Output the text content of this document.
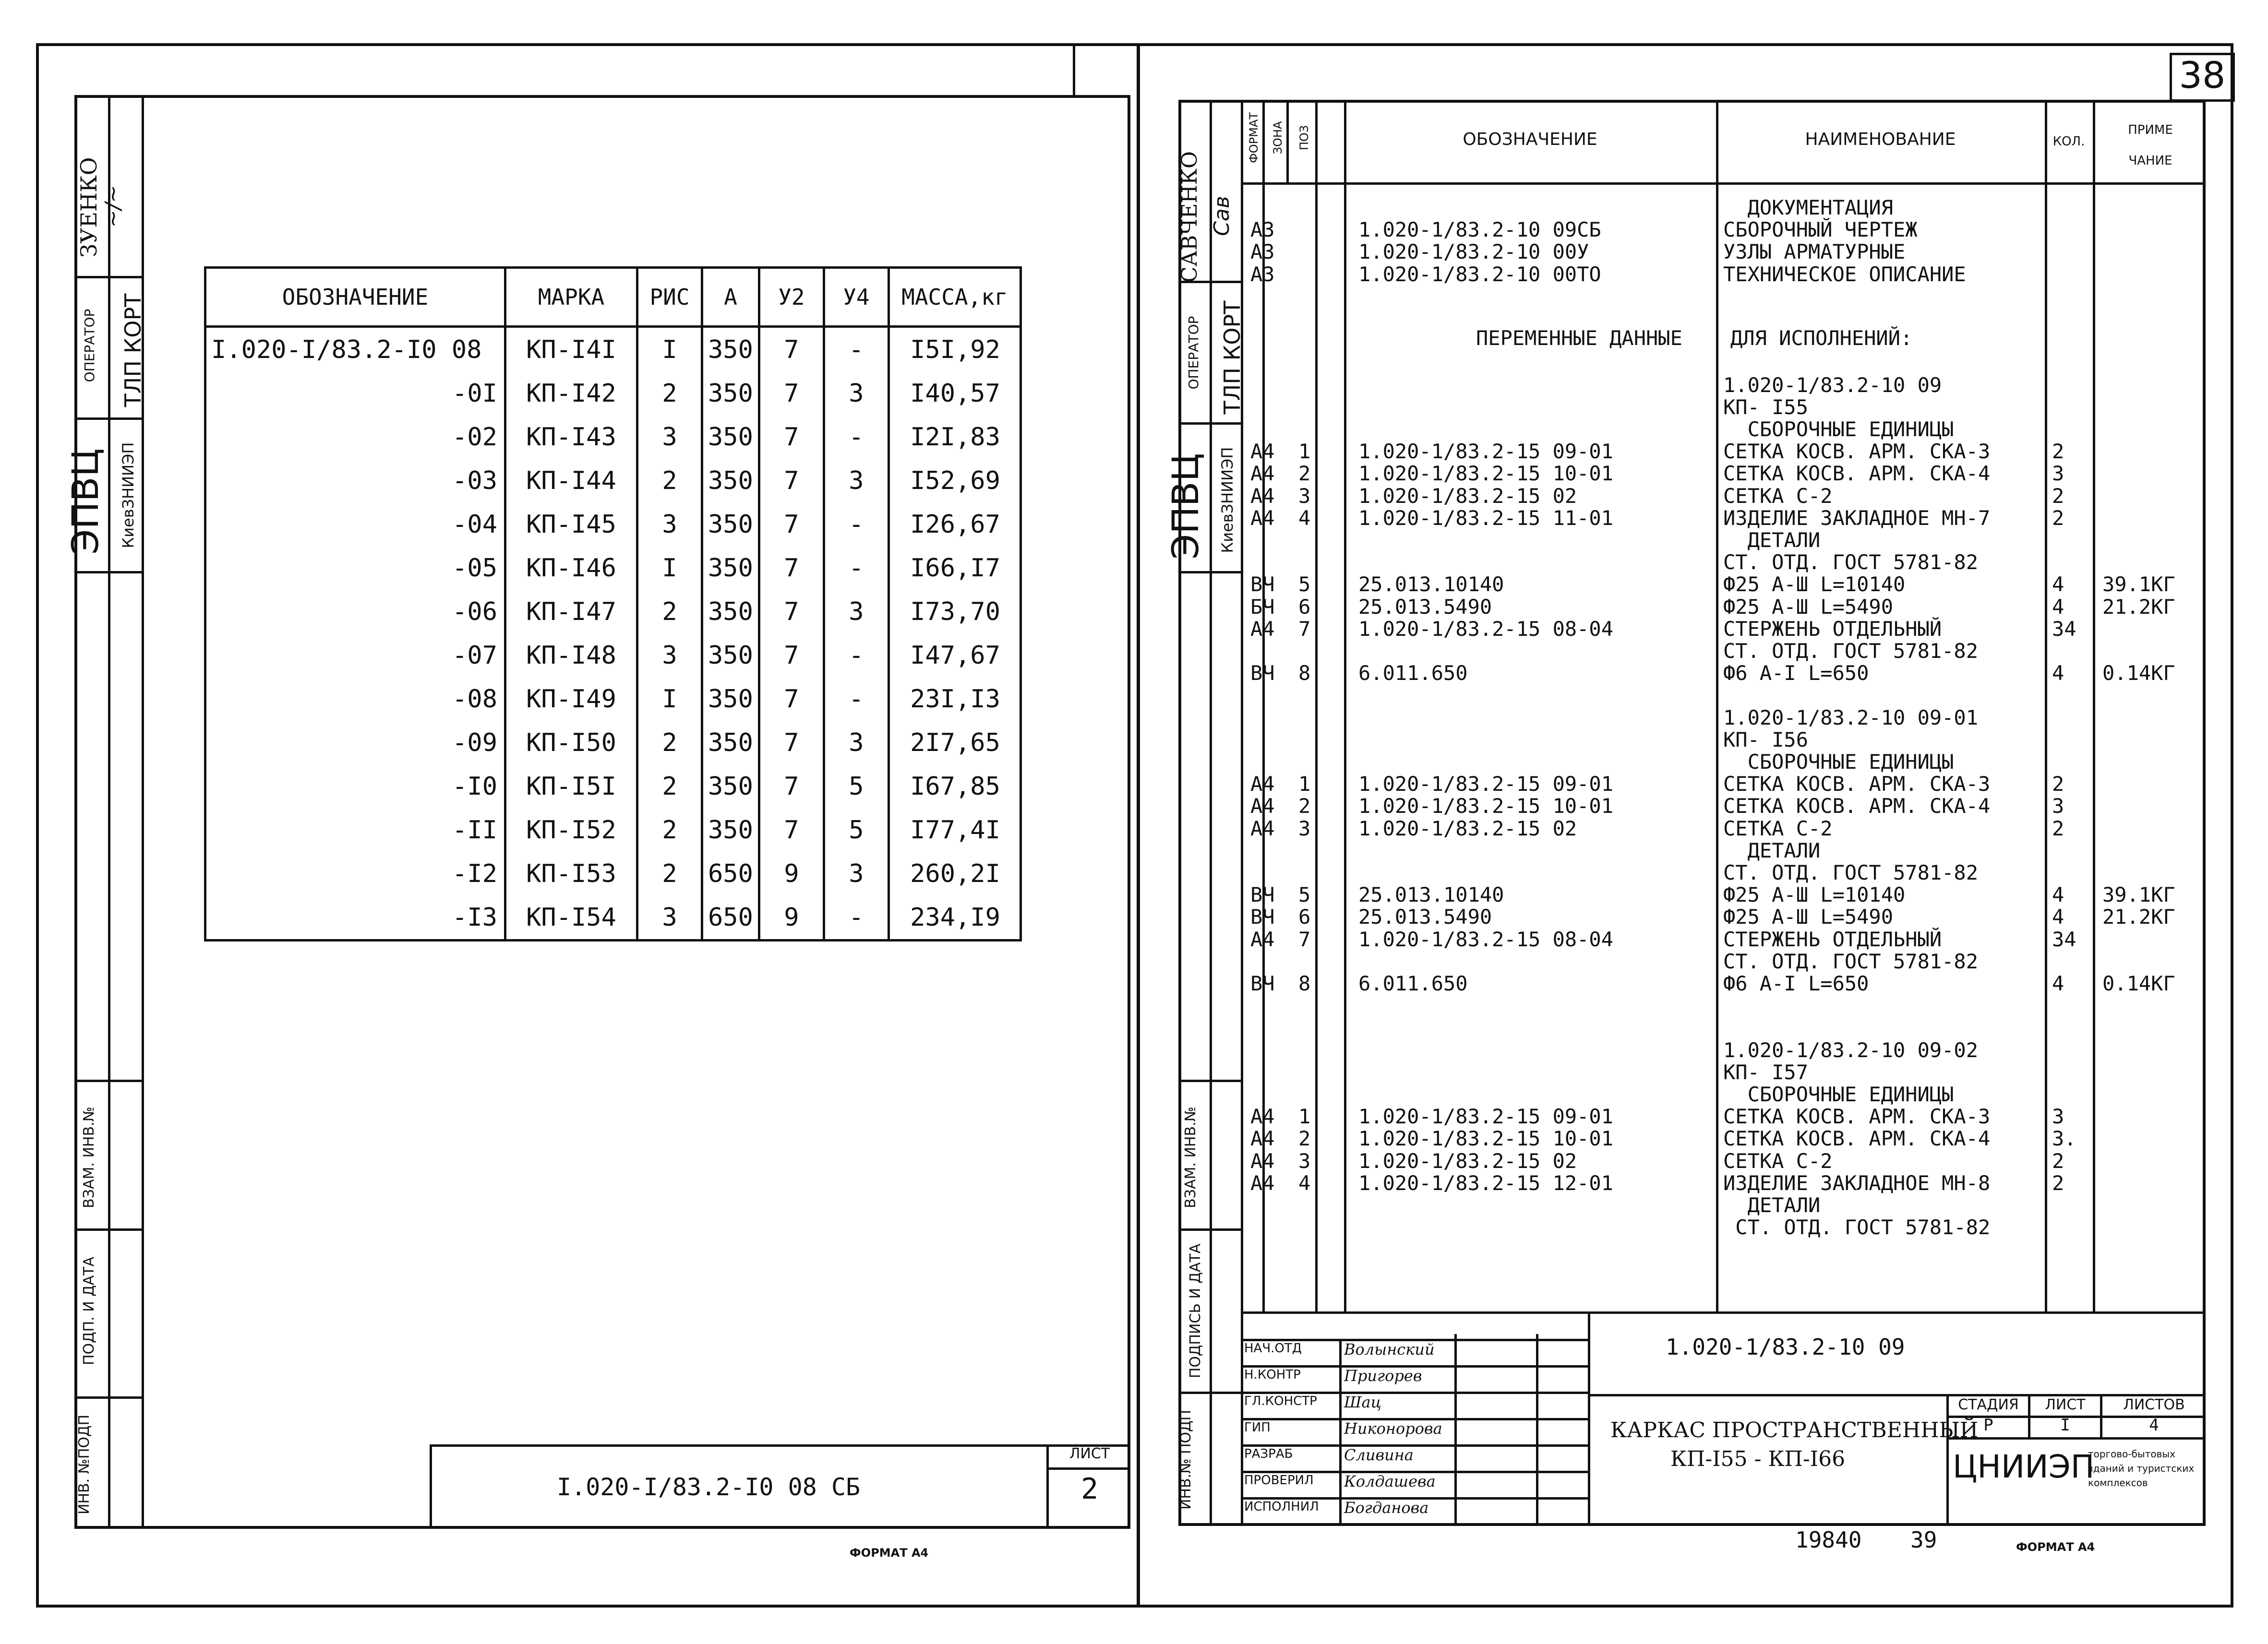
ЗУЕНКО
~/~
ОПЕРАТОР ТЛП КОРТ
ЭПВЦ КиевЗНИИЭП
ВЗАМ. ИНВ.№
ПОДП. И ДАТА
ИНВ. №ПОДП
ОБОЗНАЧЕНИЕ	МАРКА	РИС	А	У2	У4	МАССА,кг
I.020-I/83.2-I0 08	КП-I4I	I	350	7	-	I5I,92
-0I	КП-I42	2	350	7	3	I40,57
-02	КП-I43	3	350	7	-	I2I,83
-03	КП-I44	2	350	7	3	I52,69
-04	КП-I45	3	350	7	-	I26,67
-05	КП-I46	I	350	7	-	I66,I7
-06	КП-I47	2	350	7	3	I73,70
-07	КП-I48	3	350	7	-	I47,67
-08	КП-I49	I	350	7	-	23I,I3
-09	КП-I50	2	350	7	3	2I7,65
-I0	КП-I5I	2	350	7	5	I67,85
-II	КП-I52	2	350	7	5	I77,4I
-I2	КП-I53	2	650	9	3	260,2I
-I3	КП-I54	3	650	9	-	234,I9
I.020-I/83.2-I0 08 СБ
ЛИСТ
2
ФОРМАТ А4
38
САВЧЕНКО Сав
ОПЕРАТОР ТЛП КОРТ
ЭПВЦ КиевЗНИИЭП
ВЗАМ. ИНВ.№
ПОДПИСЬ И ДАТА
ИНВ.№ ПОДП
ФОРМАТ ЗОНА ПОЗ	ОБОЗНАЧЕНИЕ	НАИМЕНОВАНИЕ	КОЛ.
ПРИМЕ
ЧАНИЕ
ДОКУМЕНТАЦИЯ
А3	1.020-1/83.2-10 09СБ	СБОРОЧНЫЙ ЧЕРТЕЖ
А3	1.020-1/83.2-10 00У	УЗЛЫ АРМАТУРНЫЕ
А3	1.020-1/83.2-10 00ТО	ТЕХНИЧЕСКОЕ ОПИСАНИЕ
1.020-1/83.2-10 09
КП- I55
СБОРОЧНЫЕ ЕДИНИЦЫ
А4 1 1.020-1/83.2-15 09-01	СЕТКА КОСВ. АРМ. СКА-3	2
А4 2 1.020-1/83.2-15 10-01	СЕТКА КОСВ. АРМ. СКА-4	3
А4 3 1.020-1/83.2-15 02	СЕТКА С-2	2
А4 4 1.020-1/83.2-15 11-01	ИЗДЕЛИЕ ЗАКЛАДНОЕ МН-7	2
ДЕТАЛИ
СТ. ОТД. ГОСТ 5781-82
ВЧ 5 25.013.10140	Ф25 А-Ш L=10140	4 39.1КГ
БЧ 6 25.013.5490	Ф25 А-Ш L=5490	4 21.2КГ
А4 7 1.020-1/83.2-15 08-04	СТЕРЖЕНЬ ОТДЕЛЬНЫЙ	34
СТ. ОТД. ГОСТ 5781-82
ВЧ 8 6.011.650	Ф6 А-I L=650	4 0.14КГ
1.020-1/83.2-10 09-01
КП- I56
СБОРОЧНЫЕ ЕДИНИЦЫ
А4 1 1.020-1/83.2-15 09-01	СЕТКА КОСВ. АРМ. СКА-3	2
А4 2 1.020-1/83.2-15 10-01	СЕТКА КОСВ. АРМ. СКА-4	3
А4 3 1.020-1/83.2-15 02	СЕТКА С-2	2
ДЕТАЛИ
СТ. ОТД. ГОСТ 5781-82
ВЧ 5 25.013.10140	Ф25 А-Ш L=10140	4 39.1КГ
ВЧ 6 25.013.5490	Ф25 А-Ш L=5490	4 21.2КГ
А4 7 1.020-1/83.2-15 08-04	СТЕРЖЕНЬ ОТДЕЛЬНЫЙ	34
СТ. ОТД. ГОСТ 5781-82
ВЧ 8 6.011.650	Ф6 А-I L=650	4 0.14КГ
1.020-1/83.2-10 09-02
КП- I57
СБОРОЧНЫЕ ЕДИНИЦЫ
А4 1 1.020-1/83.2-15 09-01	СЕТКА КОСВ. АРМ. СКА-3	3
А4 2 1.020-1/83.2-15 10-01	СЕТКА КОСВ. АРМ. СКА-4	3.
А4 3 1.020-1/83.2-15 02	СЕТКА С-2	2
А4 4 1.020-1/83.2-15 12-01	ИЗДЕЛИЕ ЗАКЛАДНОЕ МН-8	2
ДЕТАЛИ
СТ. ОТД. ГОСТ 5781-82
ПЕРЕМЕННЫЕ ДАННЫЕ ДЛЯ ИСПОЛНЕНИЙ:
НАЧ.ОТД	Волынский
Н.КОНТР	Пригорев
ГЛ.КОНСТР Шац
ГИП	Никонорова
РАЗРАБ	Сливина
ПРОВЕРИЛ Колдашева
ИСПОЛНИЛ Богданова
1.020-1/83.2-10 09
КАРКАС ПРОСТРАНСТВЕННЫЙ
КП-I55 - КП-I66
СТАДИЯ	ЛИСТ	ЛИСТОВ
Р	I	4
ЦНИИЭП
торгово-бытовых зданий и туристских комплексов
19840 39	ФОРМАТ А4
